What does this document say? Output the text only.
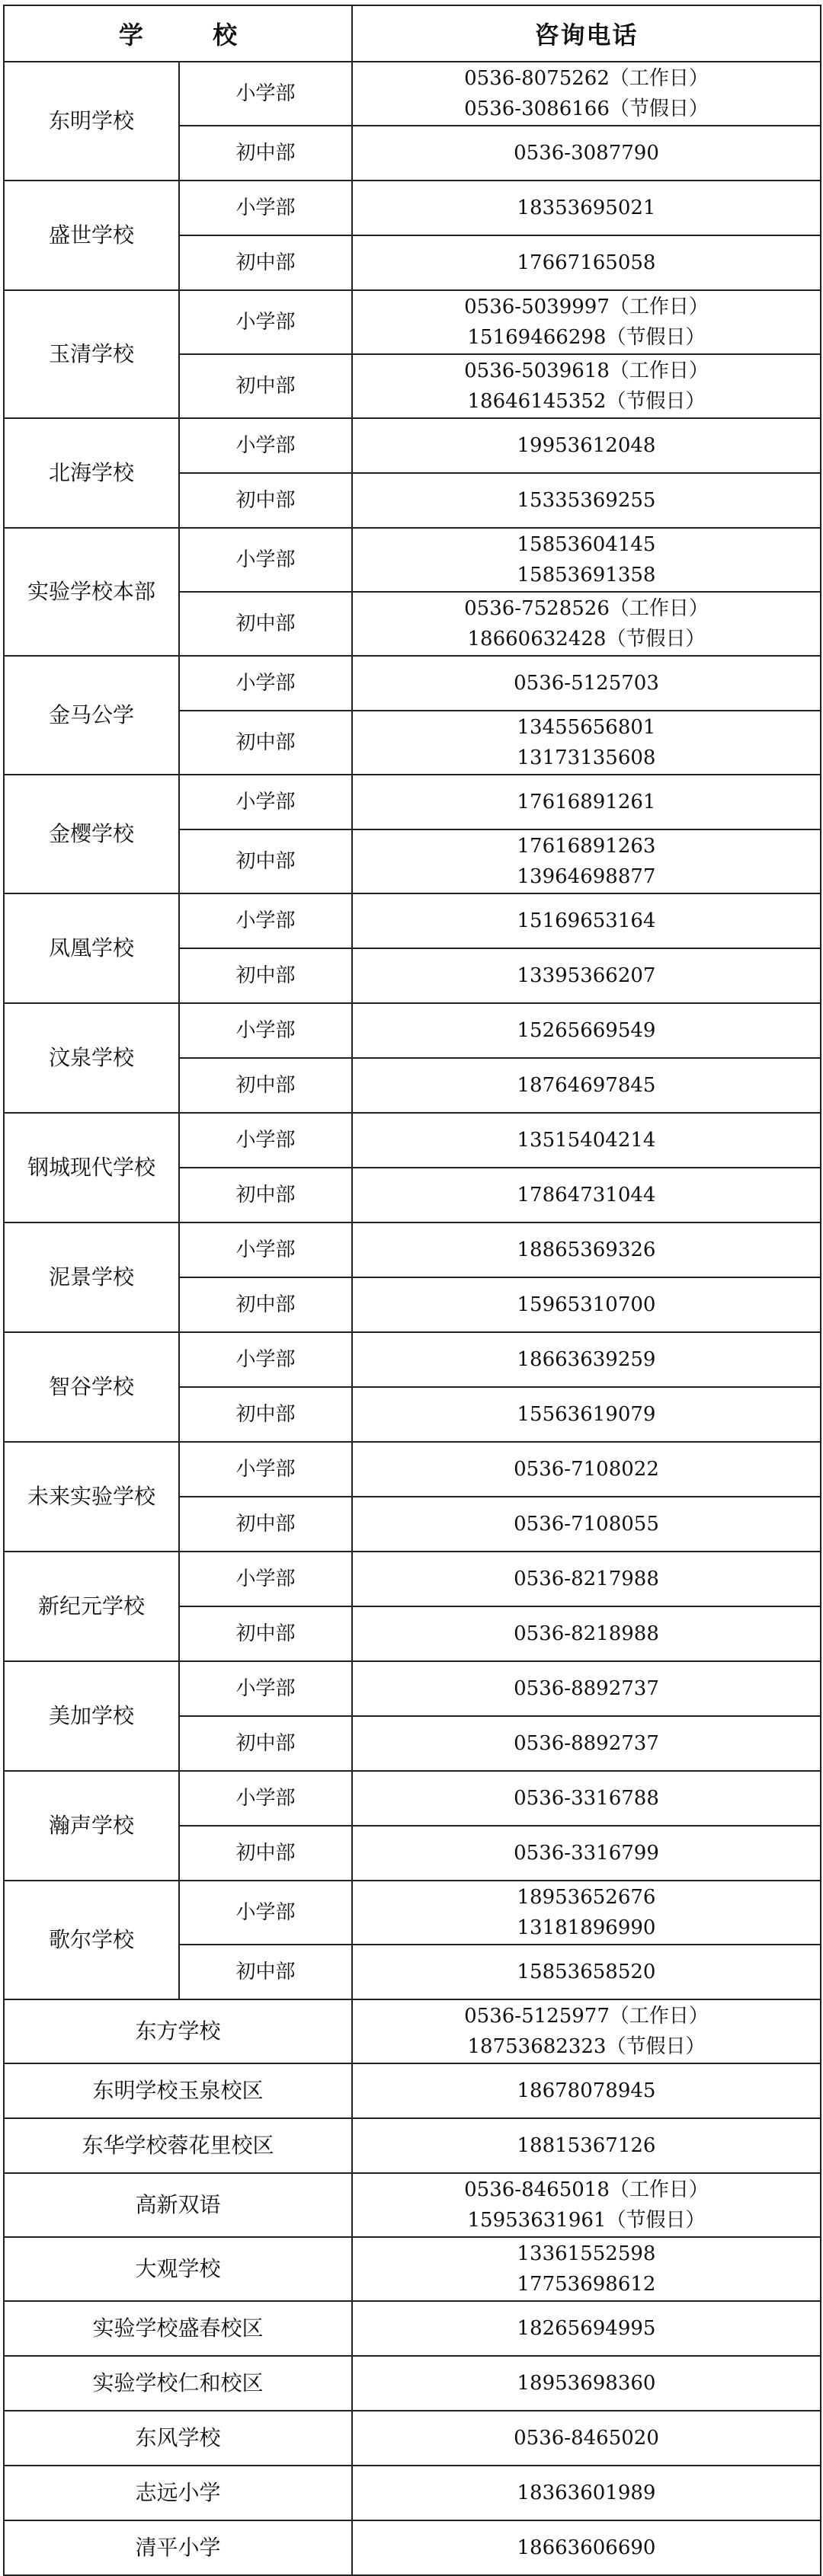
学 校		咨询电话
东明学校	小学部	0536-8075262（工作日）
0536-3086166（节假日）

	初中部	0536-3087790

盛世学校	小学部	18353695021

	初中部	17667165058

玉清学校	小学部	0536-5039997（工作日）
15169466298（节假日）

	初中部	0536-5039618（工作日）
18646145352（节假日）

北海学校	小学部	19953612048

	初中部	15335369255

实验学校本部	小学部	15853604145
15853691358

	初中部	0536-7528526（工作日）
18660632428（节假日）

金马公学	小学部	0536-5125703

	初中部	13455656801
13173135608

金樱学校	小学部	17616891261

	初中部	17616891263
13964698877

凤凰学校	小学部	15169653164

	初中部	13395366207

汶泉学校	小学部	15265669549

	初中部	18764697845

钢城现代学校	小学部	13515404214

	初中部	17864731044

泥景学校	小学部	18865369326

	初中部	15965310700

智谷学校	小学部	18663639259

	初中部	15563619079

未来实验学校	小学部	0536-7108022

	初中部	0536-7108055

新纪元学校	小学部	0536-8217988

	初中部	0536-8218988

美加学校	小学部	0536-8892737

	初中部	0536-8892737

瀚声学校	小学部	0536-3316788

	初中部	0536-3316799

歌尔学校	小学部	18953652676
13181896990

	初中部	15853658520

东方学校		0536-5125977（工作日）
18753682323（节假日）

东明学校玉泉校区		18678078945

东华学校蓉花里校区		18815367126

高新双语		0536-8465018（工作日）
15953631961（节假日）

大观学校		13361552598
17753698612

实验学校盛春校区		18265694995

实验学校仁和校区		18953698360

东风学校		0536-8465020

志远小学		18363601989

清平小学		18663606690
